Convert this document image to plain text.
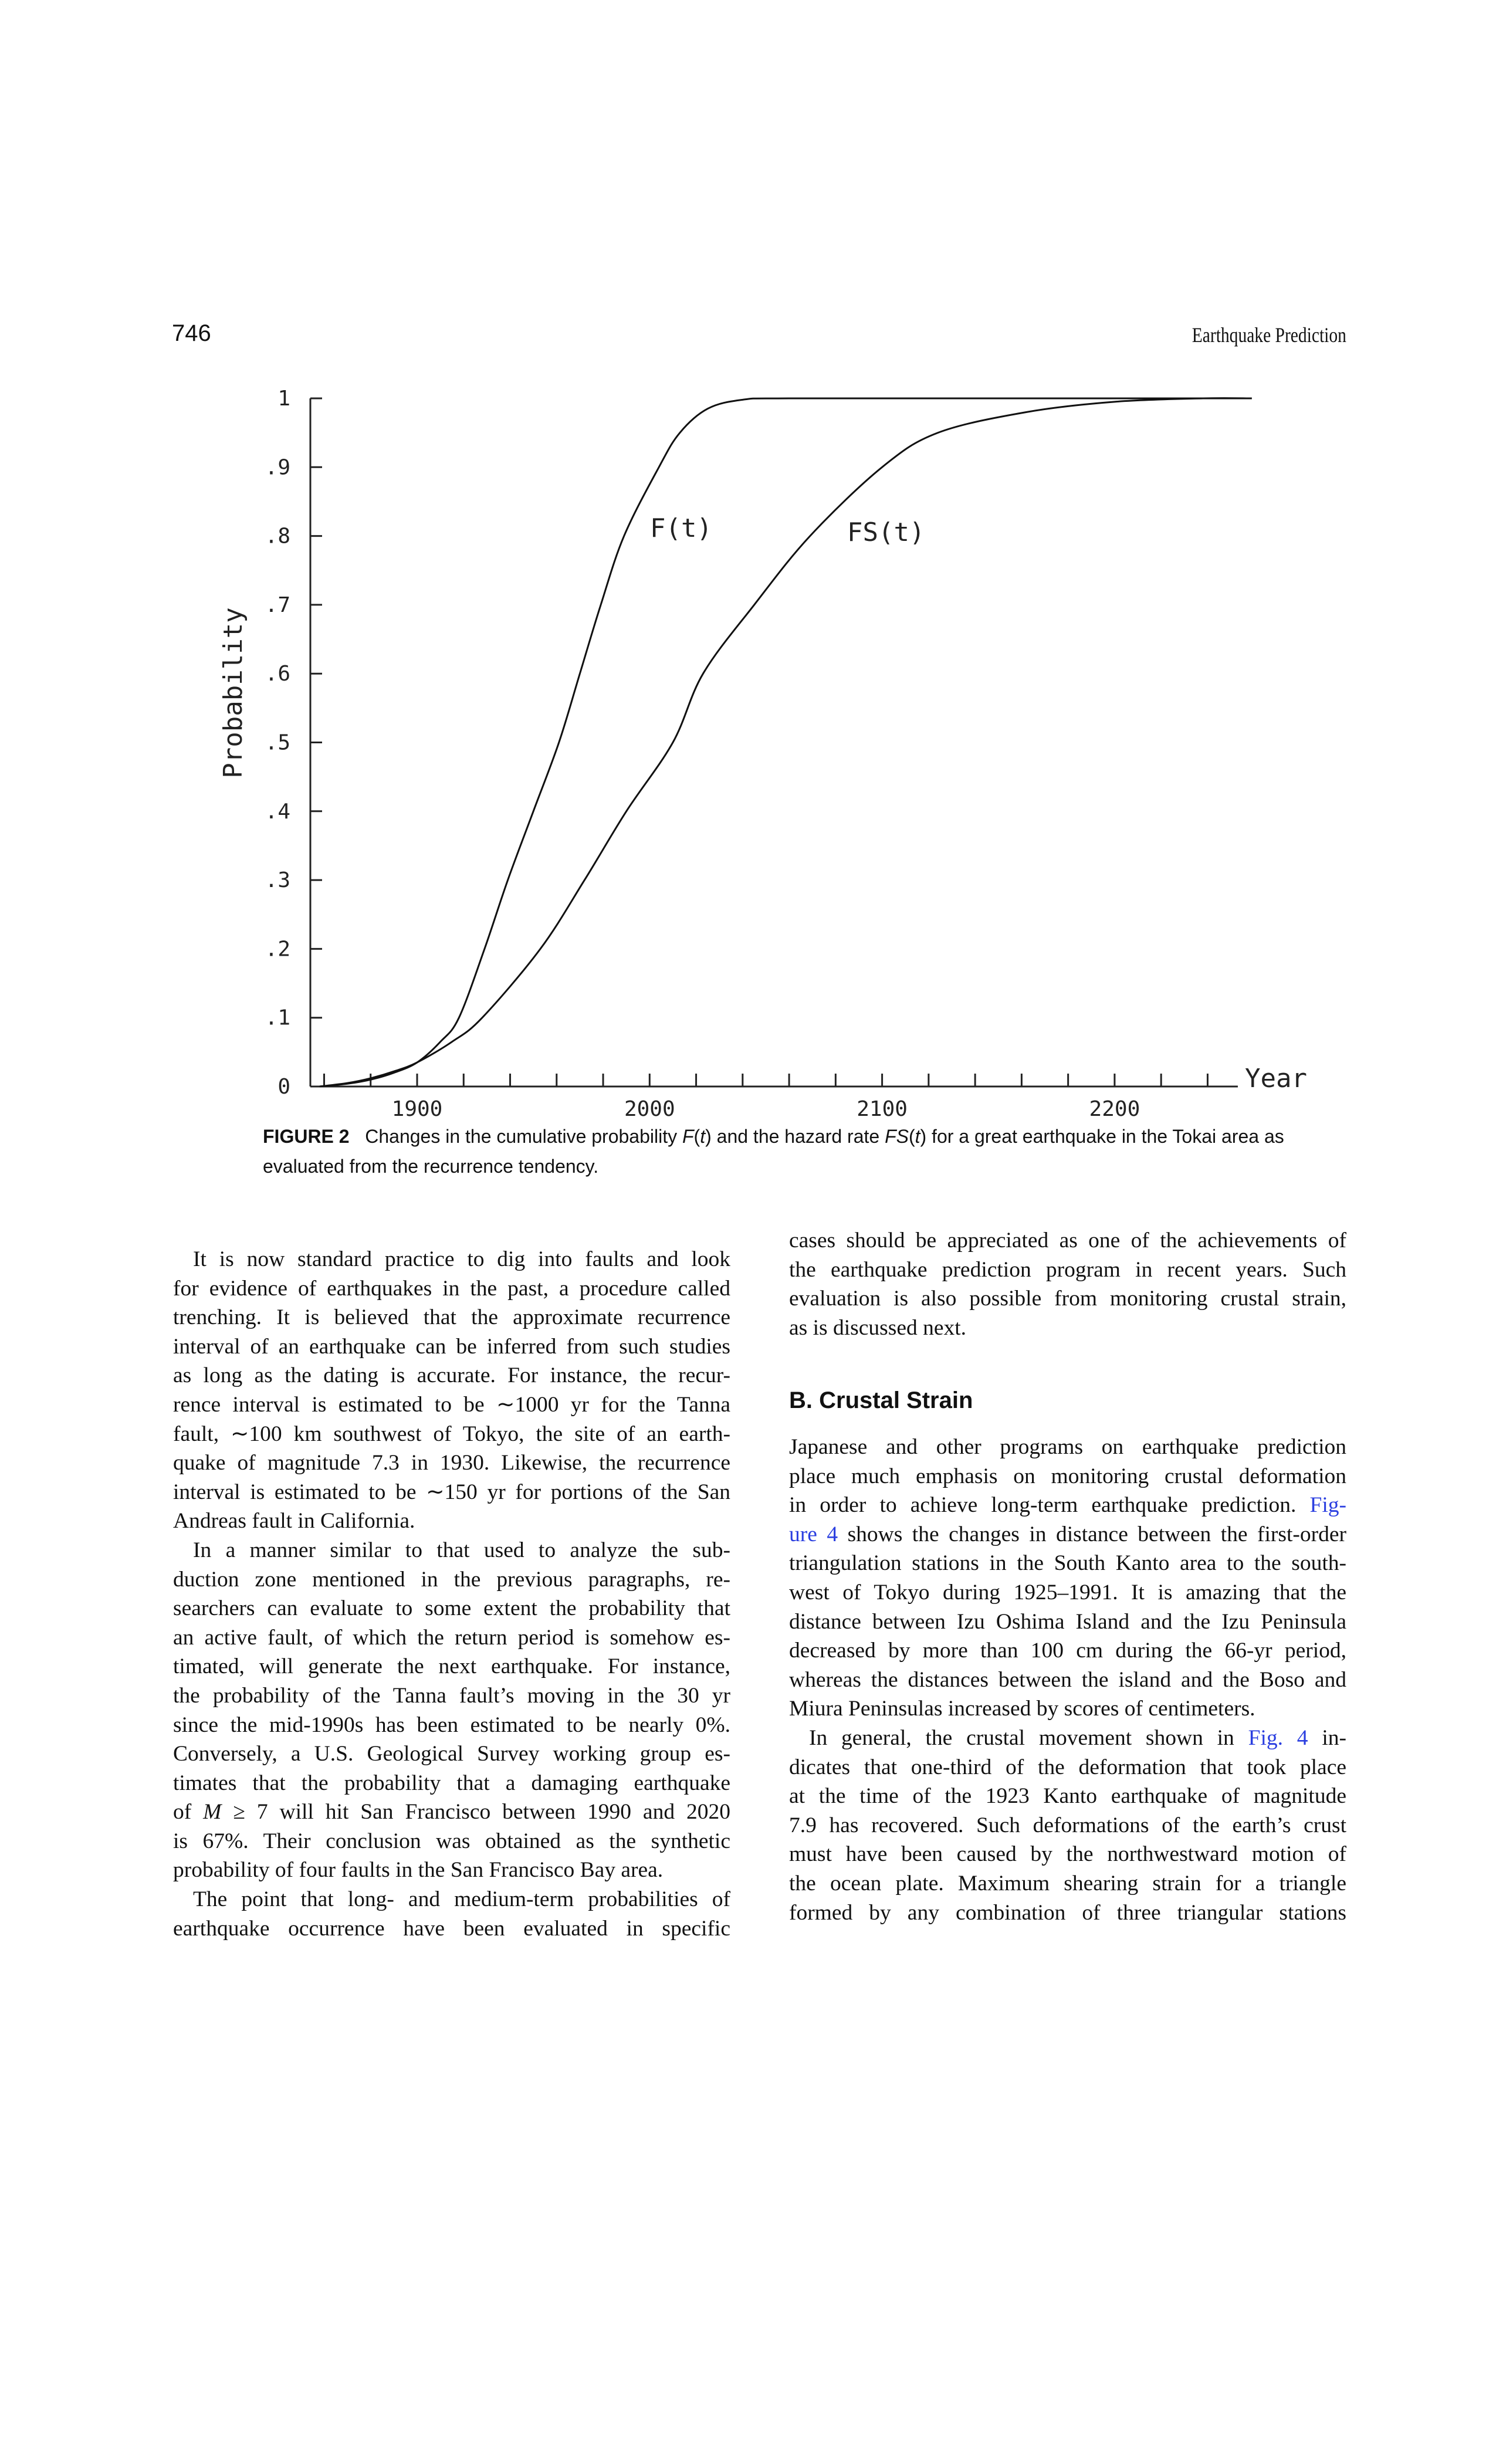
746	Earthquake Prediction
0
.1
.2
.3
.4
.5
.6
.7
.8
.9
1
1900	2000	2100	2200
F(t)	FS(t)
Year
Probability
FIGURE 2 Changes in the cumulative probability F(t) and the hazard rate FS(t) for a great earthquake in the Tokai area as evaluated from the recurrence tendency.
It is now standard practice to dig into faults and look
for evidence of earthquakes in the past, a procedure called
trenching. It is believed that the approximate recurrence
interval of an earthquake can be inferred from such studies
as long as the dating is accurate. For instance, the recur-
rence interval is estimated to be ∼1000 yr for the Tanna
fault, ∼100 km southwest of Tokyo, the site of an earth-
quake of magnitude 7.3 in 1930. Likewise, the recurrence
interval is estimated to be ∼150 yr for portions of the San
Andreas fault in California.
In a manner similar to that used to analyze the sub-
duction zone mentioned in the previous paragraphs, re-
searchers can evaluate to some extent the probability that
an active fault, of which the return period is somehow es-
timated, will generate the next earthquake. For instance,
the probability of the Tanna fault’s moving in the 30 yr
since the mid-1990s has been estimated to be nearly 0%.
Conversely, a U.S. Geological Survey working group es-
timates that the probability that a damaging earthquake
of M ≥ 7 will hit San Francisco between 1990 and 2020
is 67%. Their conclusion was obtained as the synthetic
probability of four faults in the San Francisco Bay area.
The point that long- and medium-term probabilities of
earthquake occurrence have been evaluated in specific
cases should be appreciated as one of the achievements of
the earthquake prediction program in recent years. Such
evaluation is also possible from monitoring crustal strain,
as is discussed next.
B. Crustal Strain
Japanese and other programs on earthquake prediction
place much emphasis on monitoring crustal deformation
in order to achieve long-term earthquake prediction. Fig-
ure 4 shows the changes in distance between the first-order
triangulation stations in the South Kanto area to the south-
west of Tokyo during 1925–1991. It is amazing that the
distance between Izu Oshima Island and the Izu Peninsula
decreased by more than 100 cm during the 66-yr period,
whereas the distances between the island and the Boso and
Miura Peninsulas increased by scores of centimeters.
In general, the crustal movement shown in Fig. 4 in-
dicates that one-third of the deformation that took place
at the time of the 1923 Kanto earthquake of magnitude
7.9 has recovered. Such deformations of the earth’s crust
must have been caused by the northwestward motion of
the ocean plate. Maximum shearing strain for a triangle
formed by any combination of three triangular stations
